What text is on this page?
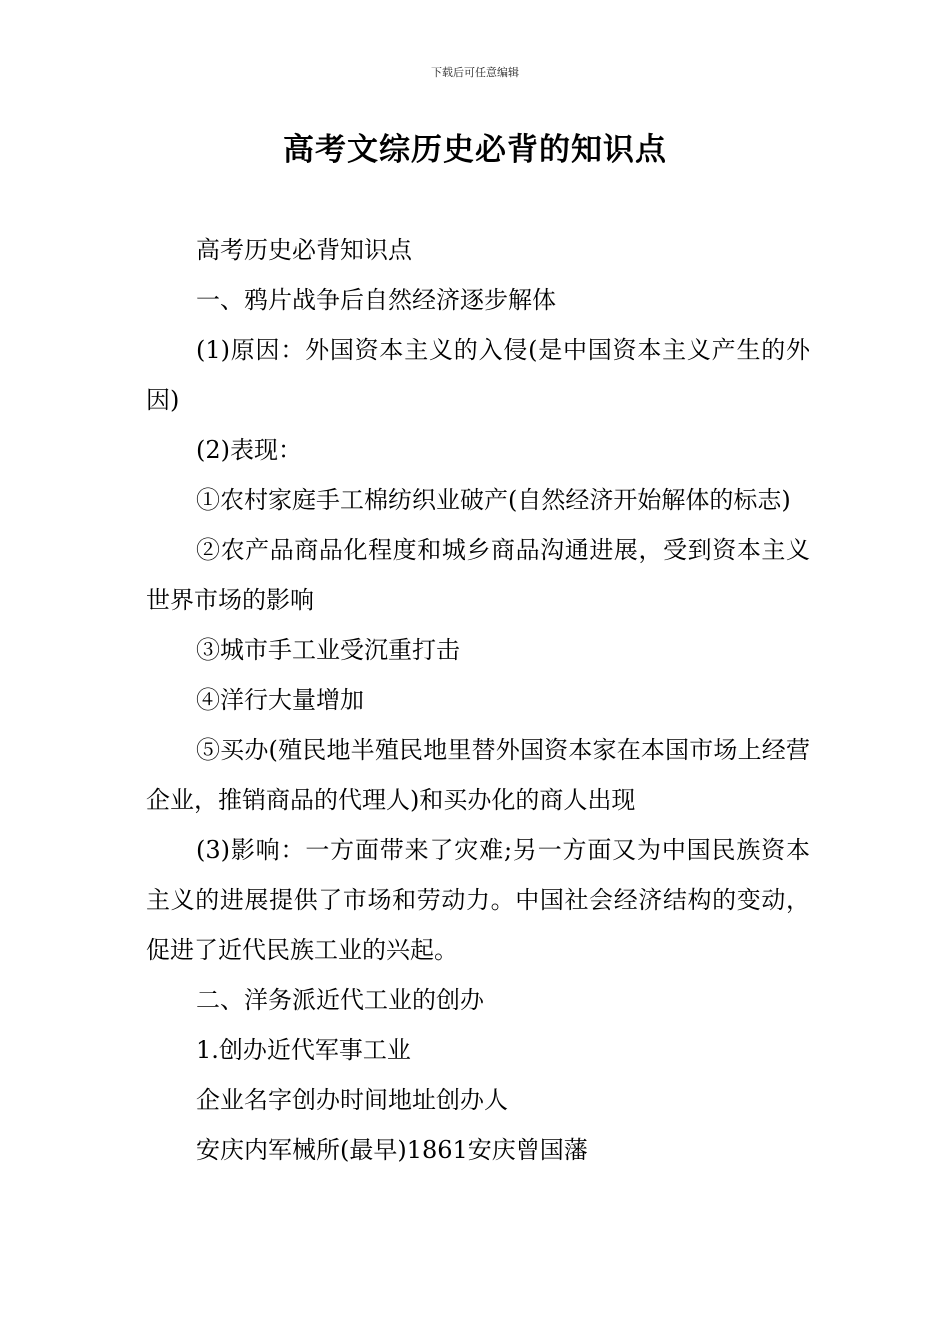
下载后可任意编辑
高考文综历史必背的知识点

高考历史必背知识点

一、鸦片战争后自然经济逐步解体

(1)原因：外国资本主义的入侵(是中国资本主义产生的外因)

(2)表现：

①农村家庭手工棉纺织业破产(自然经济开始解体的标志)

②农产品商品化程度和城乡商品沟通进展，受到资本主义世界市场的影响

③城市手工业受沉重打击

④洋行大量增加

⑤买办(殖民地半殖民地里替外国资本家在本国市场上经营企业，推销商品的代理人)和买办化的商人出现

(3)影响：一方面带来了灾难;另一方面又为中国民族资本主义的进展提供了市场和劳动力。中国社会经济结构的变动，促进了近代民族工业的兴起。

二、洋务派近代工业的创办

1.创办近代军事工业

企业名字创办时间地址创办人

安庆内军械所(最早)1861安庆曾国藩
